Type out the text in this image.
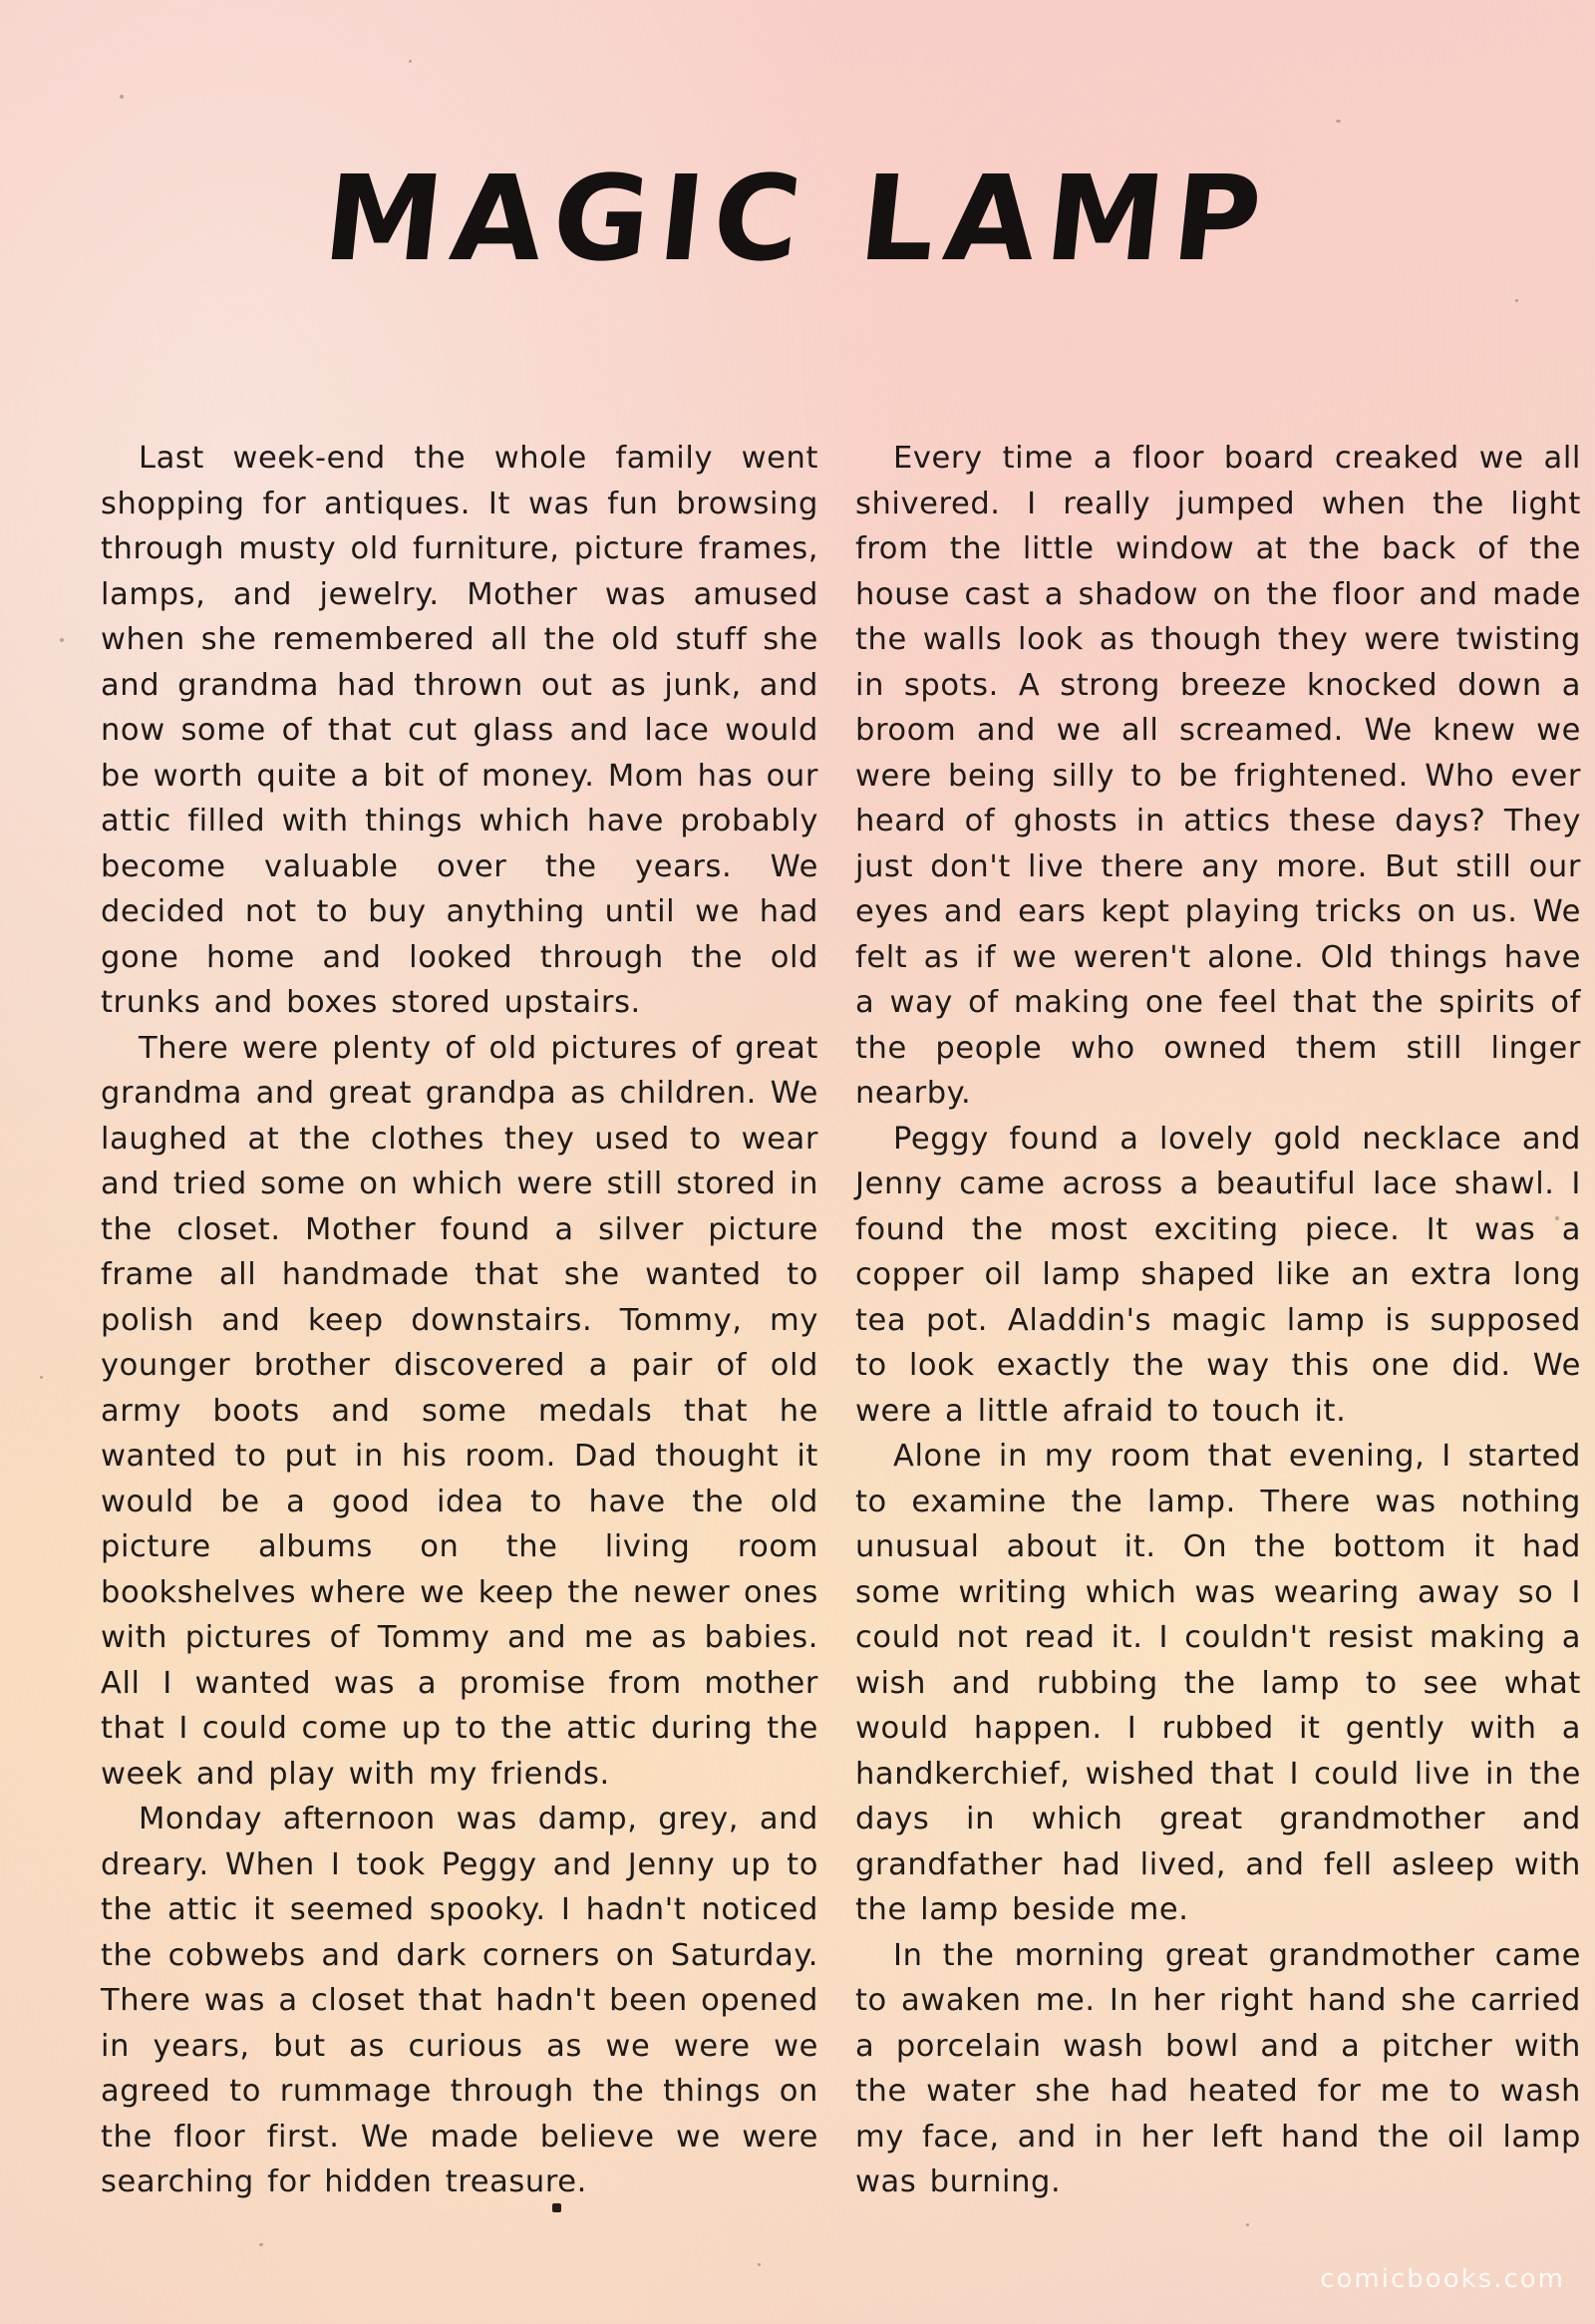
MAGIC LAMP

Last week-end the whole family went shopping for antiques. It was fun browsing through musty old furniture, picture frames, lamps, and jewelry. Mother was amused when she remembered all the old stuff she and grandma had thrown out as junk, and now some of that cut glass and lace would be worth quite a bit of money. Mom has our attic filled with things which have probably become valuable over the years. We decided not to buy anything until we had gone home and looked through the old trunks and boxes stored upstairs.

There were plenty of old pictures of great grandma and great grandpa as children. We laughed at the clothes they used to wear and tried some on which were still stored in the closet. Mother found a silver picture frame all handmade that she wanted to polish and keep downstairs. Tommy, my younger brother discovered a pair of old army boots and some medals that he wanted to put in his room. Dad thought it would be a good idea to have the old picture albums on the living room bookshelves where we keep the newer ones with pictures of Tommy and me as babies. All I wanted was a promise from mother that I could come up to the attic during the week and play with my friends.

Monday afternoon was damp, grey, and dreary. When I took Peggy and Jenny up to the attic it seemed spooky. I hadn't noticed the cobwebs and dark corners on Saturday. There was a closet that hadn't been opened in years, but as curious as we were we agreed to rummage through the things on the floor first. We made believe we were searching for hidden treasure.

Every time a floor board creaked we all shivered. I really jumped when the light from the little window at the back of the house cast a shadow on the floor and made the walls look as though they were twisting in spots. A strong breeze knocked down a broom and we all screamed. We knew we were being silly to be frightened. Who ever heard of ghosts in attics these days? They just don't live there any more. But still our eyes and ears kept playing tricks on us. We felt as if we weren't alone. Old things have a way of making one feel that the spirits of the people who owned them still linger nearby.

Peggy found a lovely gold necklace and Jenny came across a beautiful lace shawl. I found the most exciting piece. It was a copper oil lamp shaped like an extra long tea pot. Aladdin's magic lamp is supposed to look exactly the way this one did. We were a little afraid to touch it.

Alone in my room that evening, I started to examine the lamp. There was nothing unusual about it. On the bottom it had some writing which was wearing away so I could not read it. I couldn't resist making a wish and rubbing the lamp to see what would happen. I rubbed it gently with a handkerchief, wished that I could live in the days in which great grandmother and grandfather had lived, and fell asleep with the lamp beside me.

In the morning great grandmother came to awaken me. In her right hand she carried a porcelain wash bowl and a pitcher with the water she had heated for me to wash my face, and in her left hand the oil lamp was burning.

comicbooks.com
